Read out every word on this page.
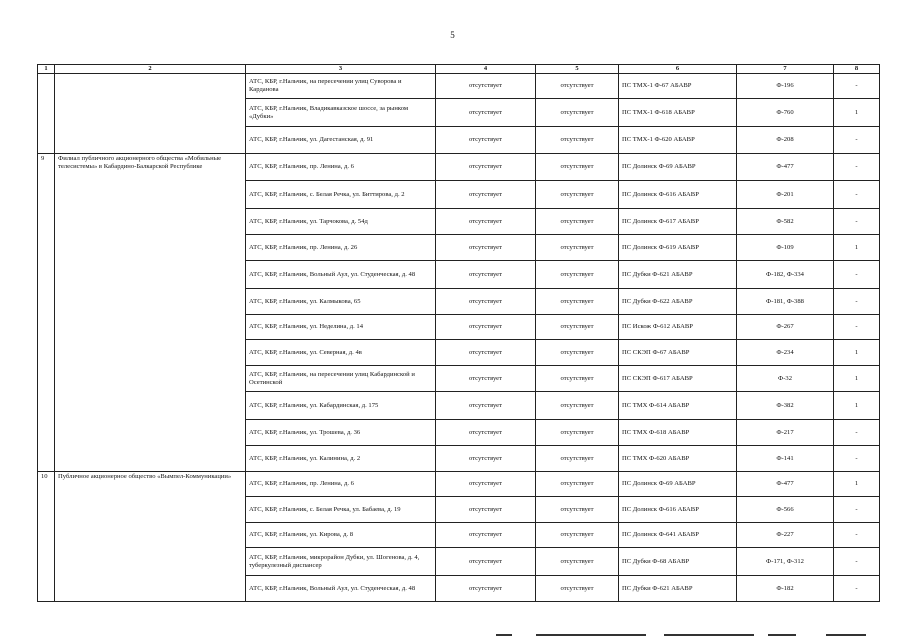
5
1	2	3	4	5	6	7	8
		АТС, КБР, г.Нальчик, на пересечении улиц Суворова и Карданова	отсутствует	отсутствует	ПС ТМХ-1 Ф-67 АБАВР	Ф-196	-
		АТС, КБР, г.Нальчик, Владикавказское шоссе, за рынком «Дубки»	отсутствует	отсутствует	ПС ТМХ-1 Ф-618 АБАВР	Ф-760	1
		АТС, КБР, г.Нальчик, ул. Дагестанская, д. 91	отсутствует	отсутствует	ПС ТМХ-1 Ф-620 АБАВР	Ф-208	-
9	Филиал публичного акционерного общества «Мобильные телесистемы» в Кабардино-Балкарской Республике	АТС, КБР, г.Нальчик, пр. Ленина, д. 6	отсутствует	отсутствует	ПС Долинск Ф-69 АБАВР	Ф-477	-
		АТС, КБР, г.Нальчик, с. Белая Речка, ул. Биттирова, д. 2	отсутствует	отсутствует	ПС Долинск Ф-616 АБАВР	Ф-201	-
		АТС, КБР, г.Нальчик, ул. Тарчокова, д. 54д	отсутствует	отсутствует	ПС Долинск Ф-617 АБАВР	Ф-582	-
		АТС, КБР, г.Нальчик, пр. Ленина, д. 26	отсутствует	отсутствует	ПС Долинск Ф-619 АБАВР	Ф-109	1
		АТС, КБР, г.Нальчик, Вольный Аул, ул. Студенческая, д. 48	отсутствует	отсутствует	ПС Дубки Ф-621 АБАВР	Ф-182, Ф-334	-
		АТС, КБР, г.Нальчик, ул. Калмыкова, 65	отсутствует	отсутствует	ПС Дубки Ф-622 АБАВР	Ф-181, Ф-388	-
		АТС, КБР, г.Нальчик, ул. Неделина, д. 14	отсутствует	отсутствует	ПС Искож Ф-612 АБАВР	Ф-267	-
		АТС, КБР, г.Нальчик, ул. Северная, д. 4в	отсутствует	отсутствует	ПС СКЭП Ф-67 АБАВР	Ф-234	1
		АТС, КБР, г.Нальчик, на пересечении улиц Кабардинской и Осетинской	отсутствует	отсутствует	ПС СКЭП Ф-617 АБАВР	Ф-32	1
		АТС, КБР, г.Нальчик, ул. Кабардинская, д. 175	отсутствует	отсутствует	ПС ТМХ Ф-614 АБАВР	Ф-382	1
		АТС, КБР, г.Нальчик, ул. Трошева, д. 36	отсутствует	отсутствует	ПС ТМХ Ф-618 АБАВР	Ф-217	-
		АТС, КБР, г.Нальчик, ул. Калинина, д. 2	отсутствует	отсутствует	ПС ТМХ Ф-620 АБАВР	Ф-141	-
10	Публичное акционерное общество «Вымпел-Коммуникации»	АТС, КБР, г.Нальчик, пр. Ленина, д. 6	отсутствует	отсутствует	ПС Долинск Ф-69 АБАВР	Ф-477	1
		АТС, КБР, г.Нальчик, с. Белая Речка, ул. Бабаева, д. 19	отсутствует	отсутствует	ПС Долинск Ф-616 АБАВР	Ф-566	-
		АТС, КБР, г.Нальчик, ул. Кирова, д. 8	отсутствует	отсутствует	ПС Долинск Ф-641 АБАВР	Ф-227	-
		АТС, КБР, г.Нальчик, микрорайон Дубки, ул. Шогенова, д. 4, туберкулезный диспансер	отсутствует	отсутствует	ПС Дубки Ф-68 АБАВР	Ф-171, Ф-312	-
		АТС, КБР, г.Нальчик, Вольный Аул, ул. Студенческая, д. 48	отсутствует	отсутствует	ПС Дубки Ф-621 АБАВР	Ф-182	-
